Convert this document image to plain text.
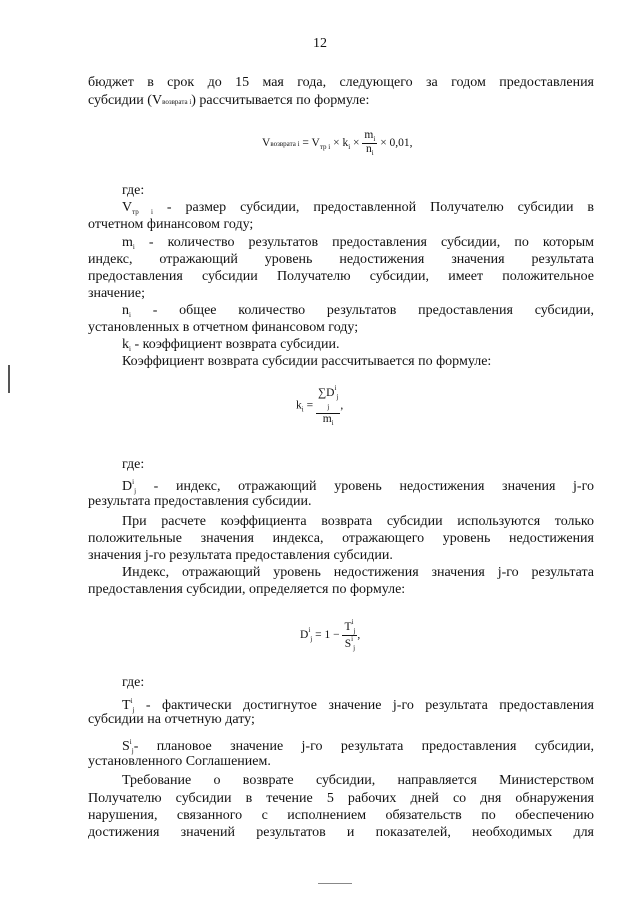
12

бюджет в срок до 15 мая года, следующего за годом предоставления

субсидии (Vвозврата i) рассчитывается по формуле:

Vвозврата $i = V_{тр i} \times k_i \times \frac{m_i}{n_i} \times 0,01$,

где:

$V_{тр i}$ - размер субсидии, предоставленной Получателю субсидии в

отчетном финансовом году;

$m_i$ - количество результатов предоставления субсидии, по которым

индекс, отражающий уровень недостижения значения результата

предоставления субсидии Получателю субсидии, имеет положительное

значение;

$n_i$ - общее количество результатов предоставления субсидии,

установленных в отчетном финансовом году;

$k_i$ - коэффициент возврата субсидии.

Коэффициент возврата субсидии рассчитывается по формуле:

$k_i$ =
$\sum D^i_j$
j
$m_i$
,

где:

$D^i_j$ - индекс, отражающий уровень недостижения значения j-го

результата предоставления субсидии.

При расчете коэффициента возврата субсидии используются только

положительные значения индекса, отражающего уровень недостижения

значения j-го результата предоставления субсидии.

Индекс, отражающий уровень недостижения значения j-го результата

предоставления субсидии, определяется по формуле:

$D^i_j = 1 - \frac{T^i_j}{S^i_j}$ ,

где:

$T^i_j$ - фактически достигнутое значение j-го результата предоставления

субсидии на отчетную дату;

$S^i_j-$ плановое значение j-го результата предоставления субсидии,

установленного Соглашением.

Требование о возврате субсидии, направляется Министерством

Получателю субсидии в течение 5 рабочих дней со дня обнаружения

нарушения, связанного с исполнением обязательств по обеспечению

достижения значений результатов и показателей, необходимых для
